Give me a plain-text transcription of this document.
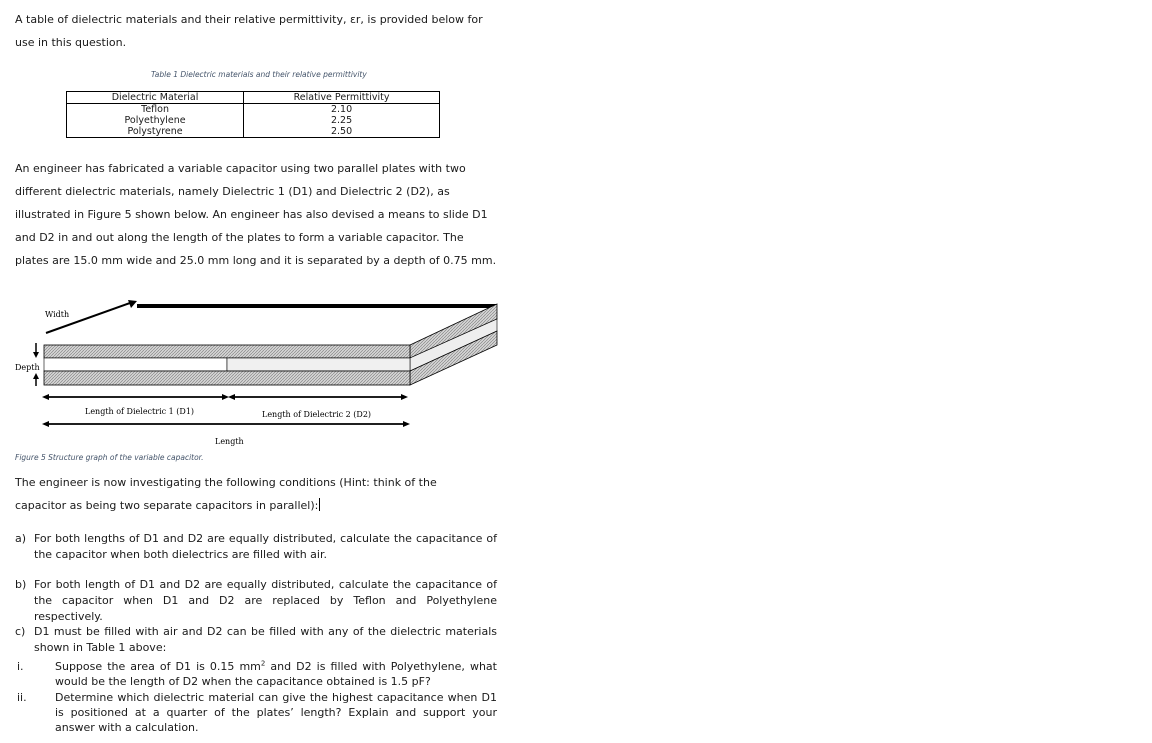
A table of dielectric materials and their relative permittivity, εr, is provided below for use in this question.

Table 1 Dielectric materials and their relative permittivity
Dielectric Material	Relative Permittivity
Teflon	2.10
Polyethylene	2.25
Polystyrene	2.50

An engineer has fabricated a variable capacitor using two parallel plates with two different dielectric materials, namely Dielectric 1 (D1) and Dielectric 2 (D2), as illustrated in Figure 5 shown below. An engineer has also devised a means to slide D1 and D2 in and out along the length of the plates to form a variable capacitor. The plates are 15.0 mm wide and 25.0 mm long and it is separated by a depth of 0.75 mm.

Width
Depth
Length of Dielectric 1 (D1)	Length of Dielectric 2 (D2)
Length
Figure 5 Structure graph of the variable capacitor.

The engineer is now investigating the following conditions (Hint: think of the capacitor as being two separate capacitors in parallel):

a) For both lengths of D1 and D2 are equally distributed, calculate the capacitance of the capacitor when both dielectrics are filled with air.
b) For both length of D1 and D2 are equally distributed, calculate the capacitance of the capacitor when D1 and D2 are replaced by Teflon and Polyethylene respectively.
c) D1 must be filled with air and D2 can be filled with any of the dielectric materials shown in Table 1 above:
i.	Suppose the area of D1 is 0.15 $mm^2$ and D2 is filled with Polyethylene, what would be the length of D2 when the capacitance obtained is 1.5 pF?
ii.	Determine which dielectric material can give the highest capacitance when D1 is positioned at a quarter of the plates’ length? Explain and support your answer with a calculation.
